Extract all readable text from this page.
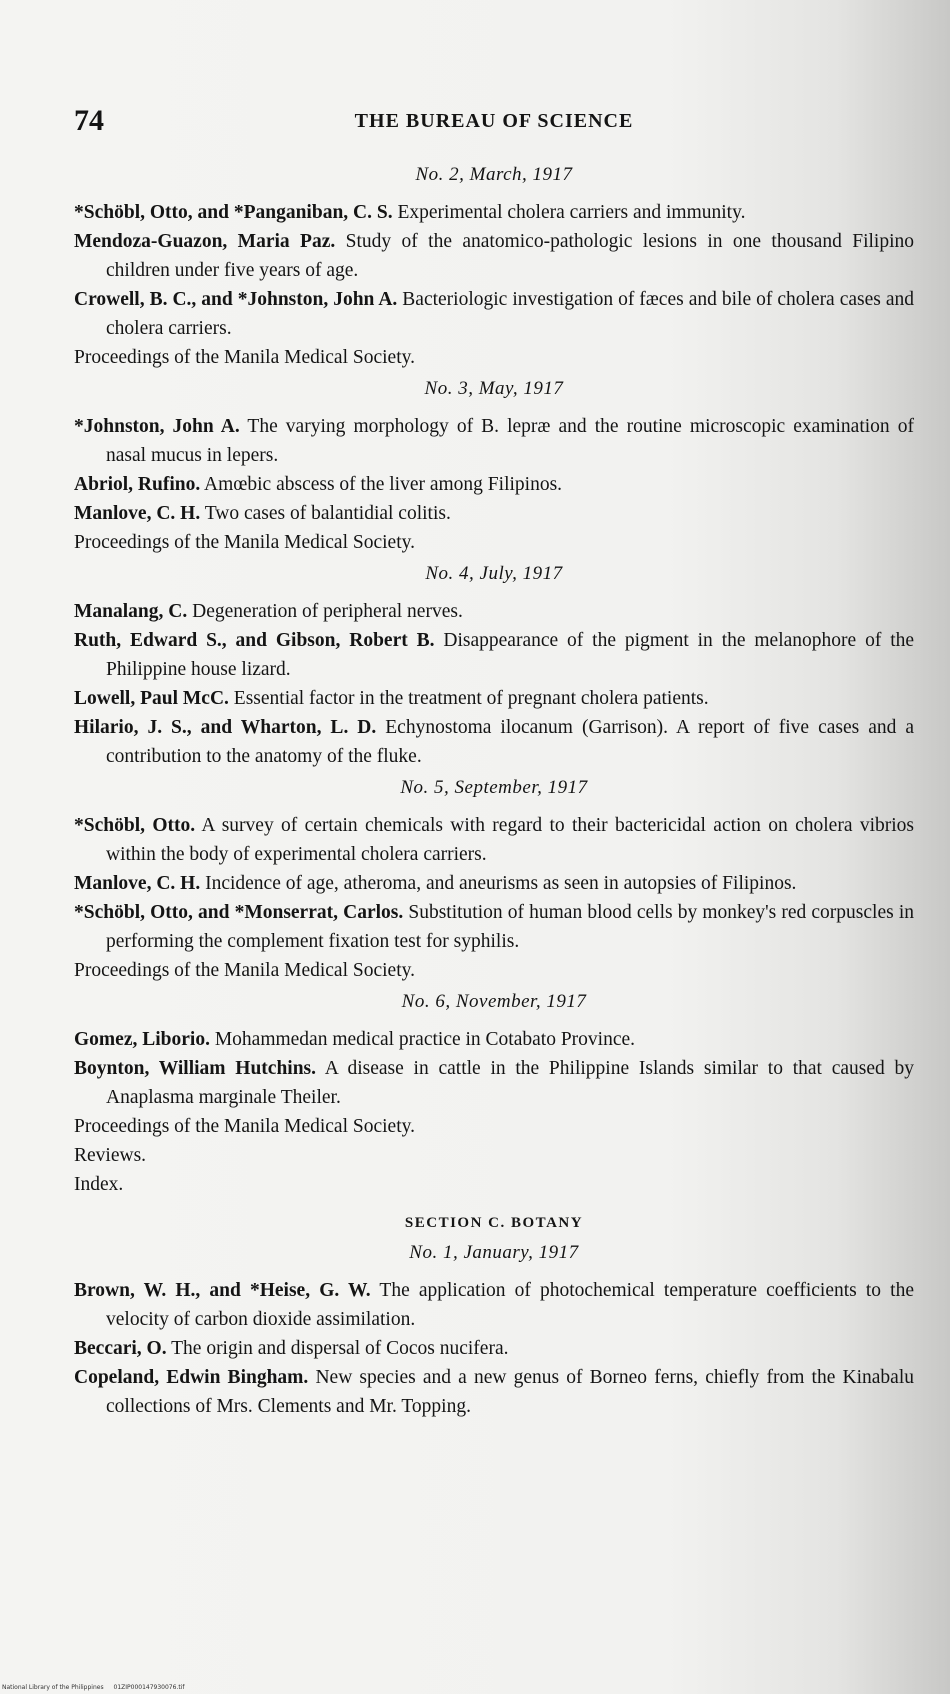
74	THE BUREAU OF SCIENCE
No. 2, March, 1917

*Schöbl, Otto, and *Panganiban, C. S. Experimental cholera carriers and immunity.

Mendoza-Guazon, Maria Paz. Study of the anatomico-pathologic lesions in one thousand Filipino children under five years of age.

Crowell, B. C., and *Johnston, John A. Bacteriologic investigation of fæces and bile of cholera cases and cholera carriers.

Proceedings of the Manila Medical Society.

No. 3, May, 1917

*Johnston, John A. The varying morphology of B. lepræ and the routine microscopic examination of nasal mucus in lepers.

Abriol, Rufino. Amœbic abscess of the liver among Filipinos.

Manlove, C. H. Two cases of balantidial colitis.

Proceedings of the Manila Medical Society.

No. 4, July, 1917

Manalang, C. Degeneration of peripheral nerves.

Ruth, Edward S., and Gibson, Robert B. Disappearance of the pigment in the melanophore of the Philippine house lizard.

Lowell, Paul McC. Essential factor in the treatment of pregnant cholera patients.

Hilario, J. S., and Wharton, L. D. Echynostoma ilocanum (Garrison). A report of five cases and a contribution to the anatomy of the fluke.

No. 5, September, 1917

*Schöbl, Otto. A survey of certain chemicals with regard to their bactericidal action on cholera vibrios within the body of experimental cholera carriers.

Manlove, C. H. Incidence of age, atheroma, and aneurisms as seen in autopsies of Filipinos.

*Schöbl, Otto, and *Monserrat, Carlos. Substitution of human blood cells by monkey's red corpuscles in performing the complement fixation test for syphilis.

Proceedings of the Manila Medical Society.

No. 6, November, 1917

Gomez, Liborio. Mohammedan medical practice in Cotabato Province.

Boynton, William Hutchins. A disease in cattle in the Philippine Islands similar to that caused by Anaplasma marginale Theiler.

Proceedings of the Manila Medical Society.

Reviews.

Index.

SECTION C. BOTANY
No. 1, January, 1917

Brown, W. H., and *Heise, G. W. The application of photochemical temperature coefficients to the velocity of carbon dioxide assimilation.

Beccari, O. The origin and dispersal of Cocos nucifera.

Copeland, Edwin Bingham. New species and a new genus of Borneo ferns, chiefly from the Kinabalu collections of Mrs. Clements and Mr. Topping.

National Library of the Philippines 01ZIP000147930076.tif
